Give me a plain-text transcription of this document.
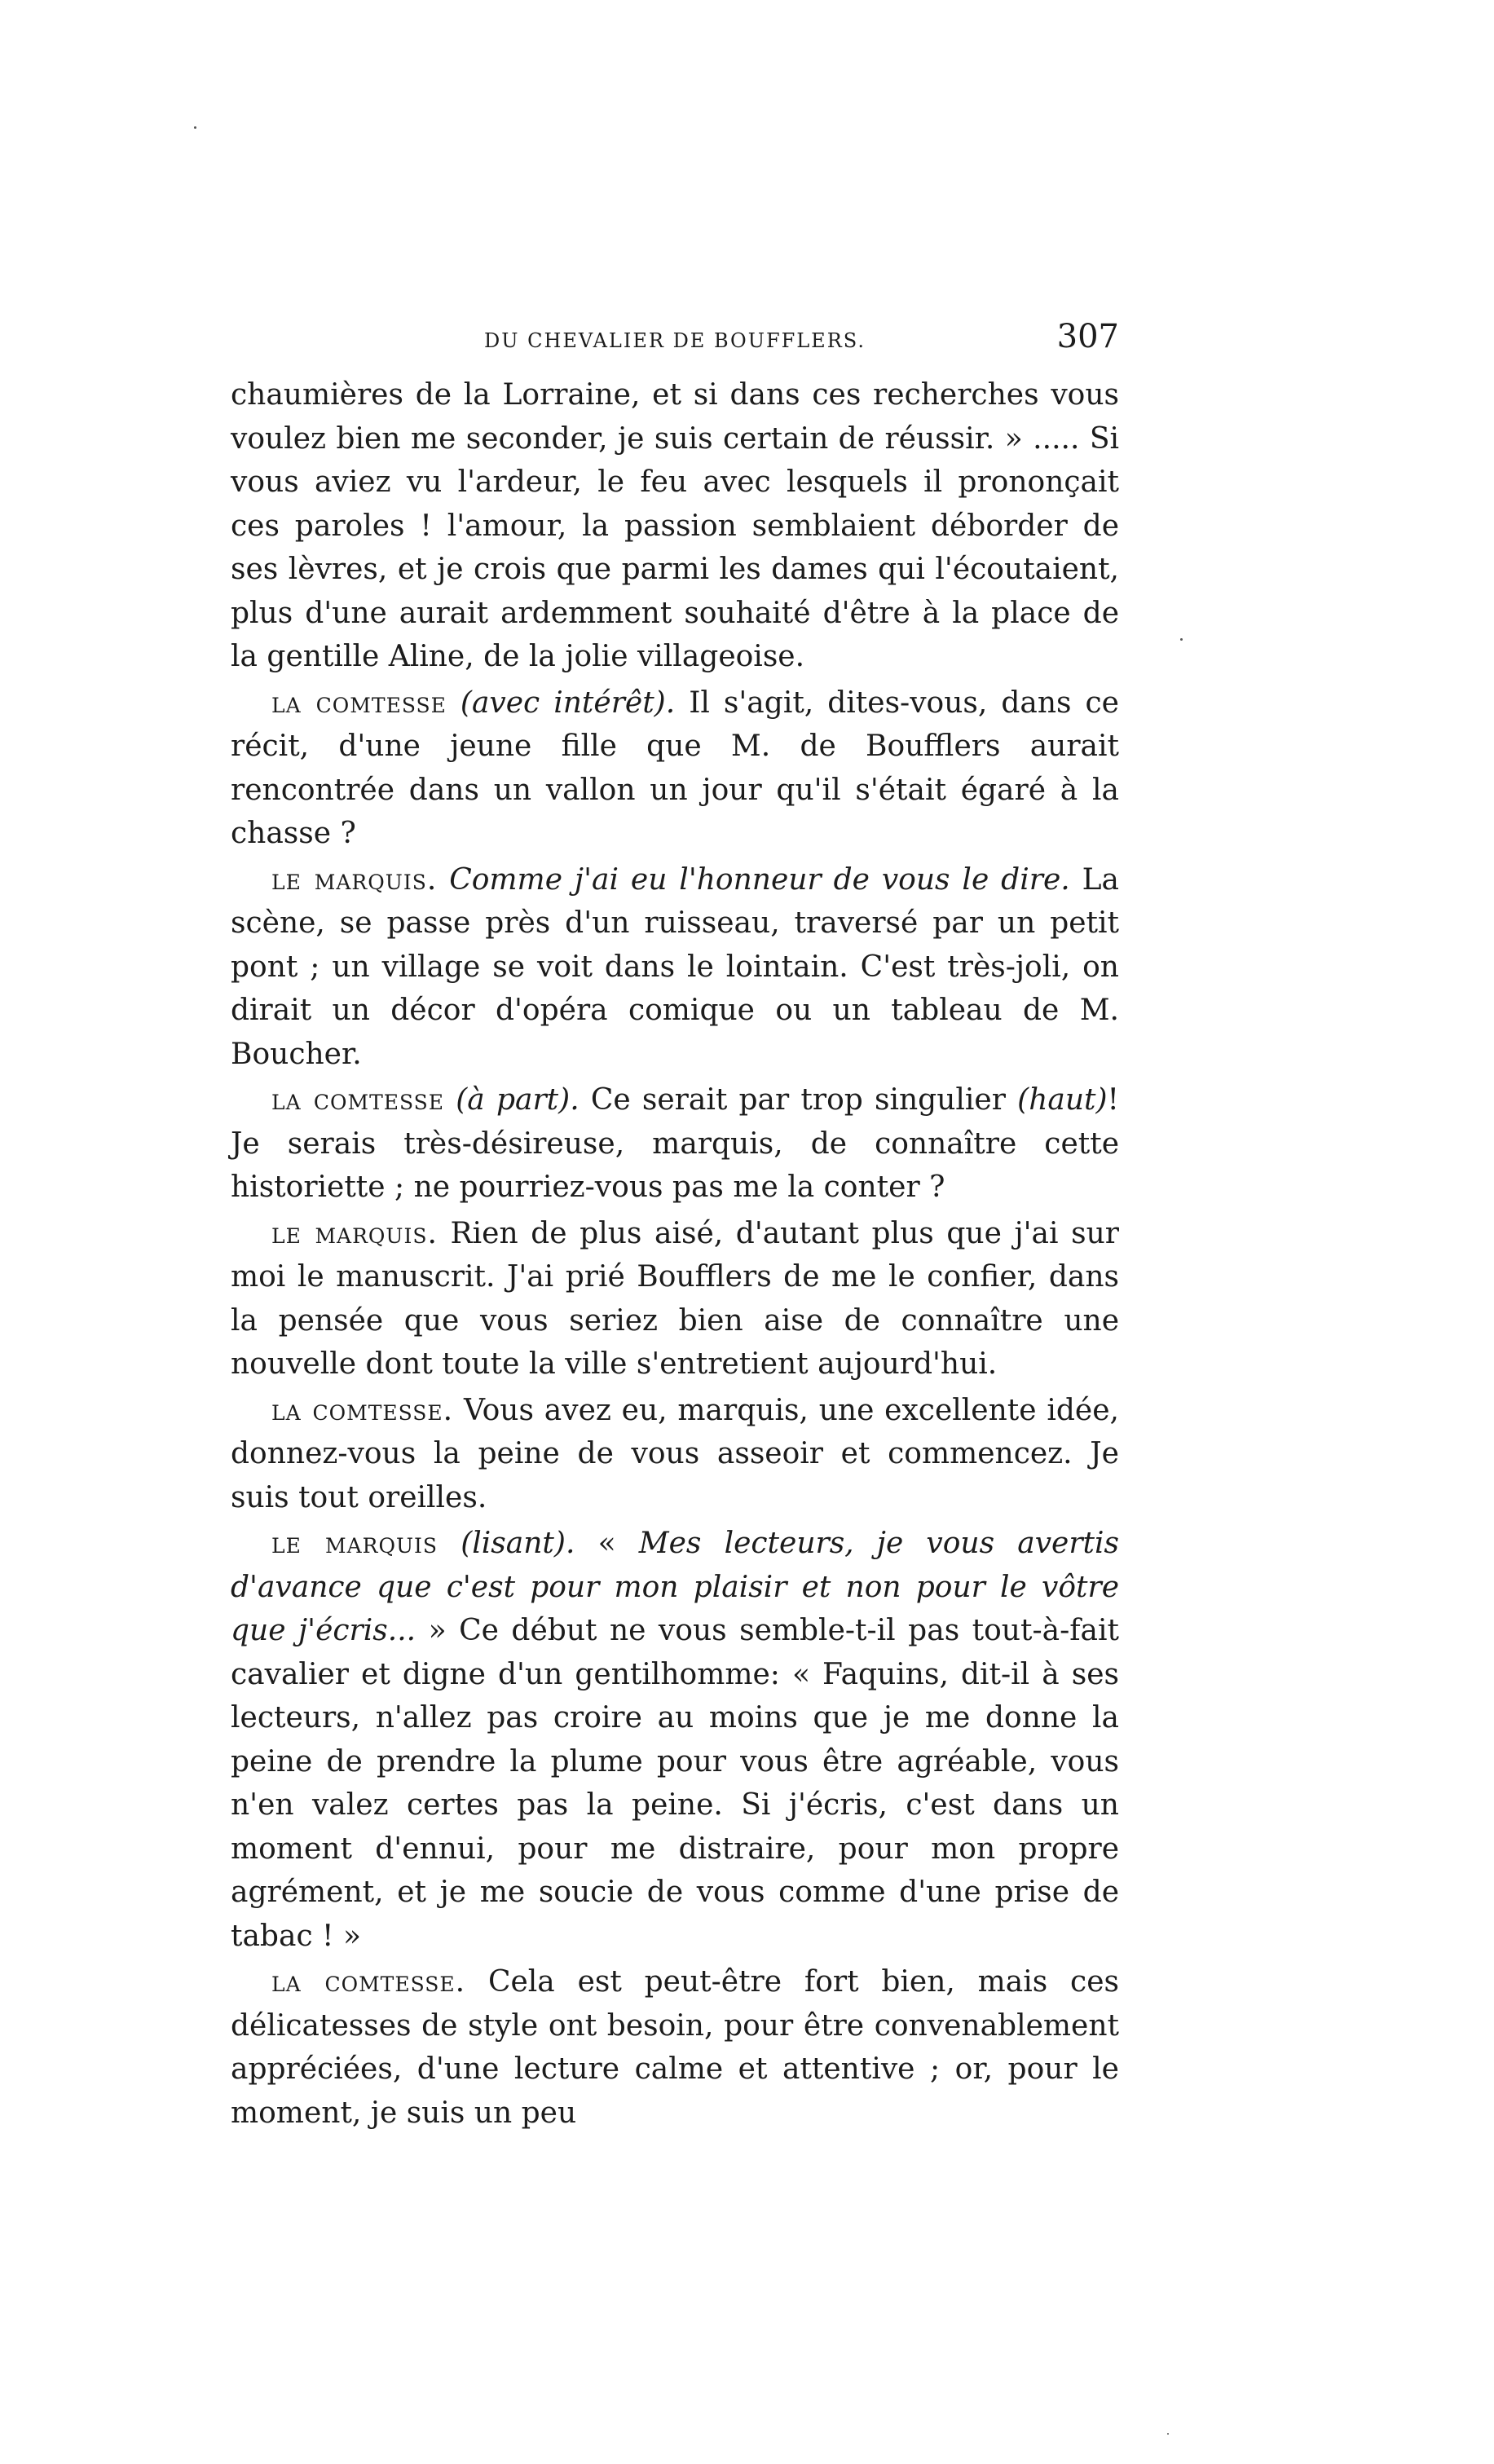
DU CHEVALIER DE BOUFFLERS.	307

chaumières de la Lorraine, et si dans ces recherches vous voulez bien me seconder, je suis certain de réussir. » ..... Si vous aviez vu l'ardeur, le feu avec lesquels il prononçait ces paroles ! l'amour, la passion semblaient déborder de ses lèvres, et je crois que parmi les dames qui l'écoutaient, plus d'une aurait ardemment souhaité d'être à la place de la gentille Aline, de la jolie villageoise.

la comtesse (avec intérêt). Il s'agit, dites-vous, dans ce récit, d'une jeune fille que M. de Boufflers aurait rencontrée dans un vallon un jour qu'il s'était égaré à la chasse ?

le marquis. Comme j'ai eu l'honneur de vous le dire. La scène, se passe près d'un ruisseau, traversé par un petit pont ; un village se voit dans le lointain. C'est très-joli, on dirait un décor d'opéra comique ou un tableau de M. Boucher.

la comtesse (à part). Ce serait par trop singulier (haut)! Je serais très-désireuse, marquis, de connaître cette historiette ; ne pourriez-vous pas me la conter ?

le marquis. Rien de plus aisé, d'autant plus que j'ai sur moi le manuscrit. J'ai prié Boufflers de me le confier, dans la pensée que vous seriez bien aise de connaître une nouvelle dont toute la ville s'entretient aujourd'hui.

la comtesse. Vous avez eu, marquis, une excellente idée, donnez-vous la peine de vous asseoir et commencez. Je suis tout oreilles.

le marquis (lisant). « Mes lecteurs, je vous avertis d'avance que c'est pour mon plaisir et non pour le vôtre que j'écris... » Ce début ne vous semble-t-il pas tout-à-fait cavalier et digne d'un gentilhomme: « Faquins, dit-il à ses lecteurs, n'allez pas croire au moins que je me donne la peine de prendre la plume pour vous être agréable, vous n'en valez certes pas la peine. Si j'écris, c'est dans un moment d'ennui, pour me distraire, pour mon propre agrément, et je me soucie de vous comme d'une prise de tabac ! »

la comtesse. Cela est peut-être fort bien, mais ces délicatesses de style ont besoin, pour être convenablement appréciées, d'une lecture calme et attentive ; or, pour le moment, je suis un peu
